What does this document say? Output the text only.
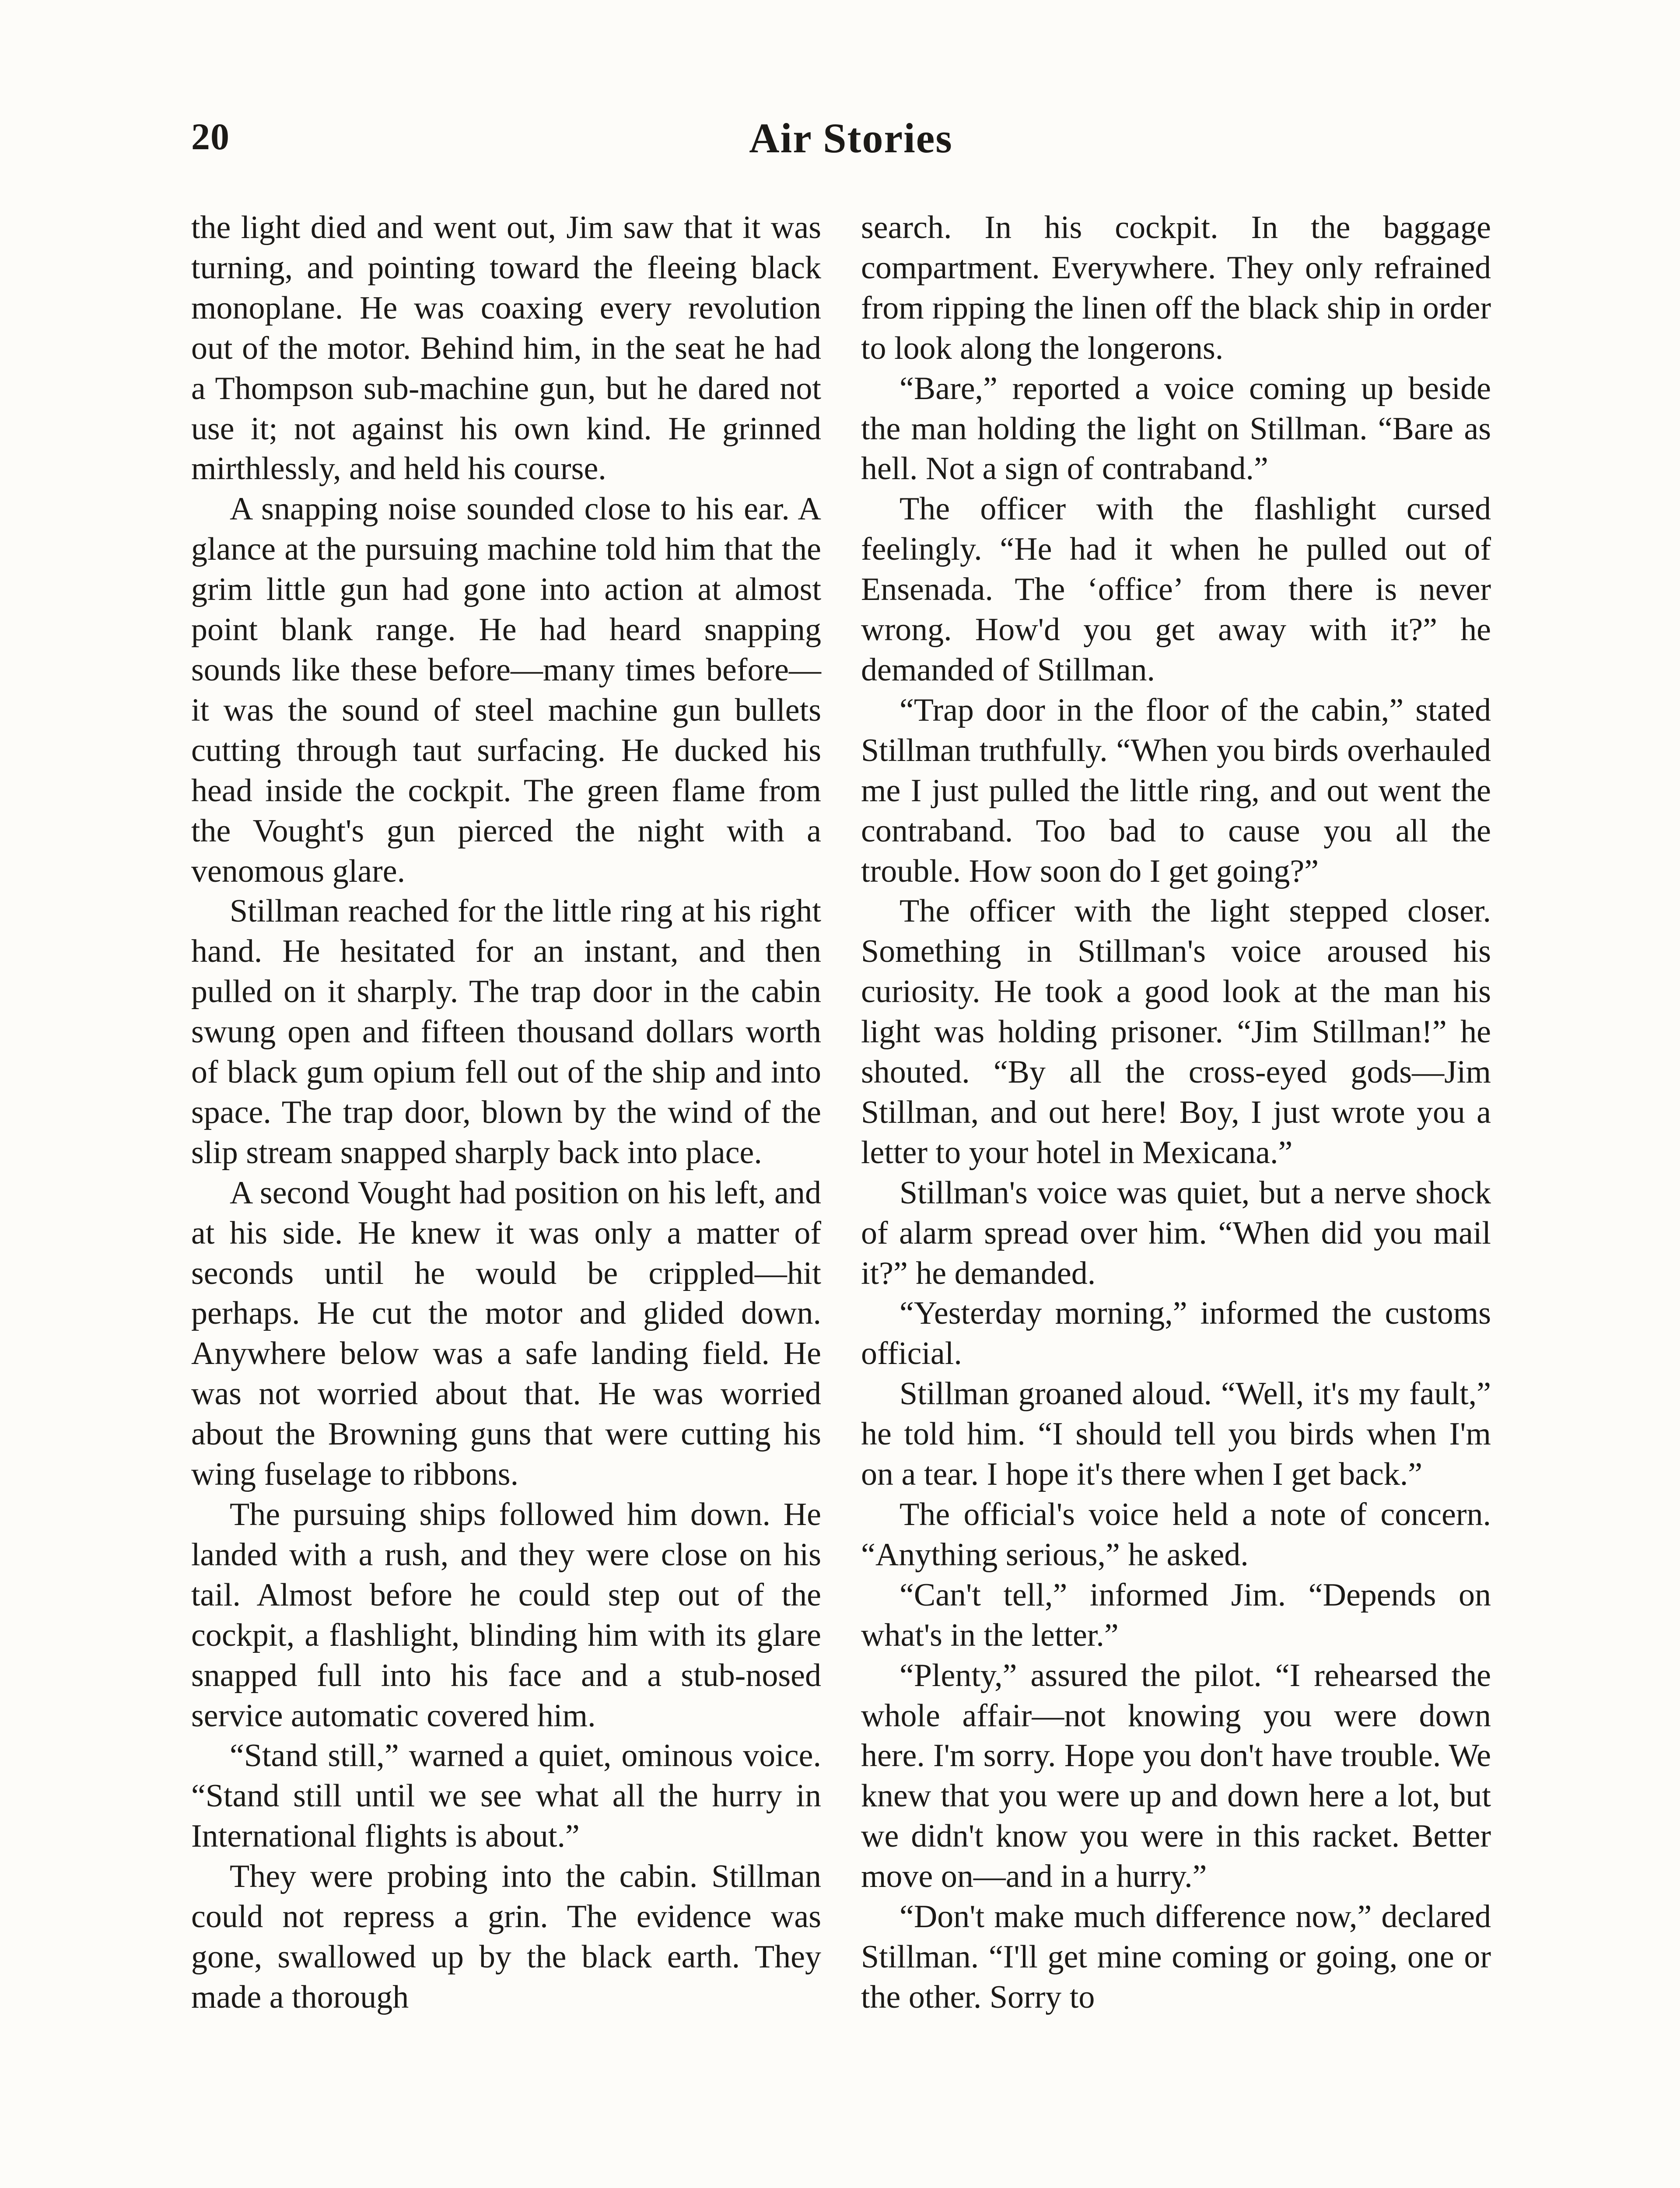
20	Air Stories

the light died and went out, Jim saw that it was turning, and pointing toward the fleeing black monoplane. He was coaxing every revolution out of the motor. Behind him, in the seat he had a Thompson sub-machine gun, but he dared not use it; not against his own kind. He grinned mirthlessly, and held his course.

A snapping noise sounded close to his ear. A glance at the pursuing machine told him that the grim little gun had gone into action at almost point blank range. He had heard snapping sounds like these before—many times before—it was the sound of steel machine gun bullets cutting through taut surfacing. He ducked his head inside the cockpit. The green flame from the Vought's gun pierced the night with a venomous glare.

Stillman reached for the little ring at his right hand. He hesitated for an instant, and then pulled on it sharply. The trap door in the cabin swung open and fifteen thousand dollars worth of black gum opium fell out of the ship and into space. The trap door, blown by the wind of the slip stream snapped sharply back into place.

A second Vought had position on his left, and at his side. He knew it was only a matter of seconds until he would be crippled—hit perhaps. He cut the motor and glided down. Anywhere below was a safe landing field. He was not worried about that. He was worried about the Browning guns that were cutting his wing fuselage to ribbons.

The pursuing ships followed him down. He landed with a rush, and they were close on his tail. Almost before he could step out of the cockpit, a flashlight, blinding him with its glare snapped full into his face and a stub-nosed service automatic covered him.

“Stand still,” warned a quiet, ominous voice. “Stand still until we see what all the hurry in International flights is about.”

They were probing into the cabin. Stillman could not repress a grin. The evidence was gone, swallowed up by the black earth. They made a thorough

search. In his cockpit. In the baggage compartment. Everywhere. They only refrained from ripping the linen off the black ship in order to look along the longerons.

“Bare,” reported a voice coming up beside the man holding the light on Stillman. “Bare as hell. Not a sign of contraband.”

The officer with the flashlight cursed feelingly. “He had it when he pulled out of Ensenada. The ‘office’ from there is never wrong. How'd you get away with it?” he demanded of Stillman.

“Trap door in the floor of the cabin,” stated Stillman truthfully. “When you birds overhauled me I just pulled the little ring, and out went the contraband. Too bad to cause you all the trouble. How soon do I get going?”

The officer with the light stepped closer. Something in Stillman's voice aroused his curiosity. He took a good look at the man his light was holding prisoner. “Jim Stillman!” he shouted. “By all the cross-eyed gods—Jim Stillman, and out here! Boy, I just wrote you a letter to your hotel in Mexicana.”

Stillman's voice was quiet, but a nerve shock of alarm spread over him. “When did you mail it?” he demanded.

“Yesterday morning,” informed the customs official.

Stillman groaned aloud. “Well, it's my fault,” he told him. “I should tell you birds when I'm on a tear. I hope it's there when I get back.”

The official's voice held a note of concern. “Anything serious,” he asked.

“Can't tell,” informed Jim. “Depends on what's in the letter.”

“Plenty,” assured the pilot. “I rehearsed the whole affair—not knowing you were down here. I'm sorry. Hope you don't have trouble. We knew that you were up and down here a lot, but we didn't know you were in this racket. Better move on—and in a hurry.”

“Don't make much difference now,” declared Stillman. “I'll get mine coming or going, one or the other. Sorry to
